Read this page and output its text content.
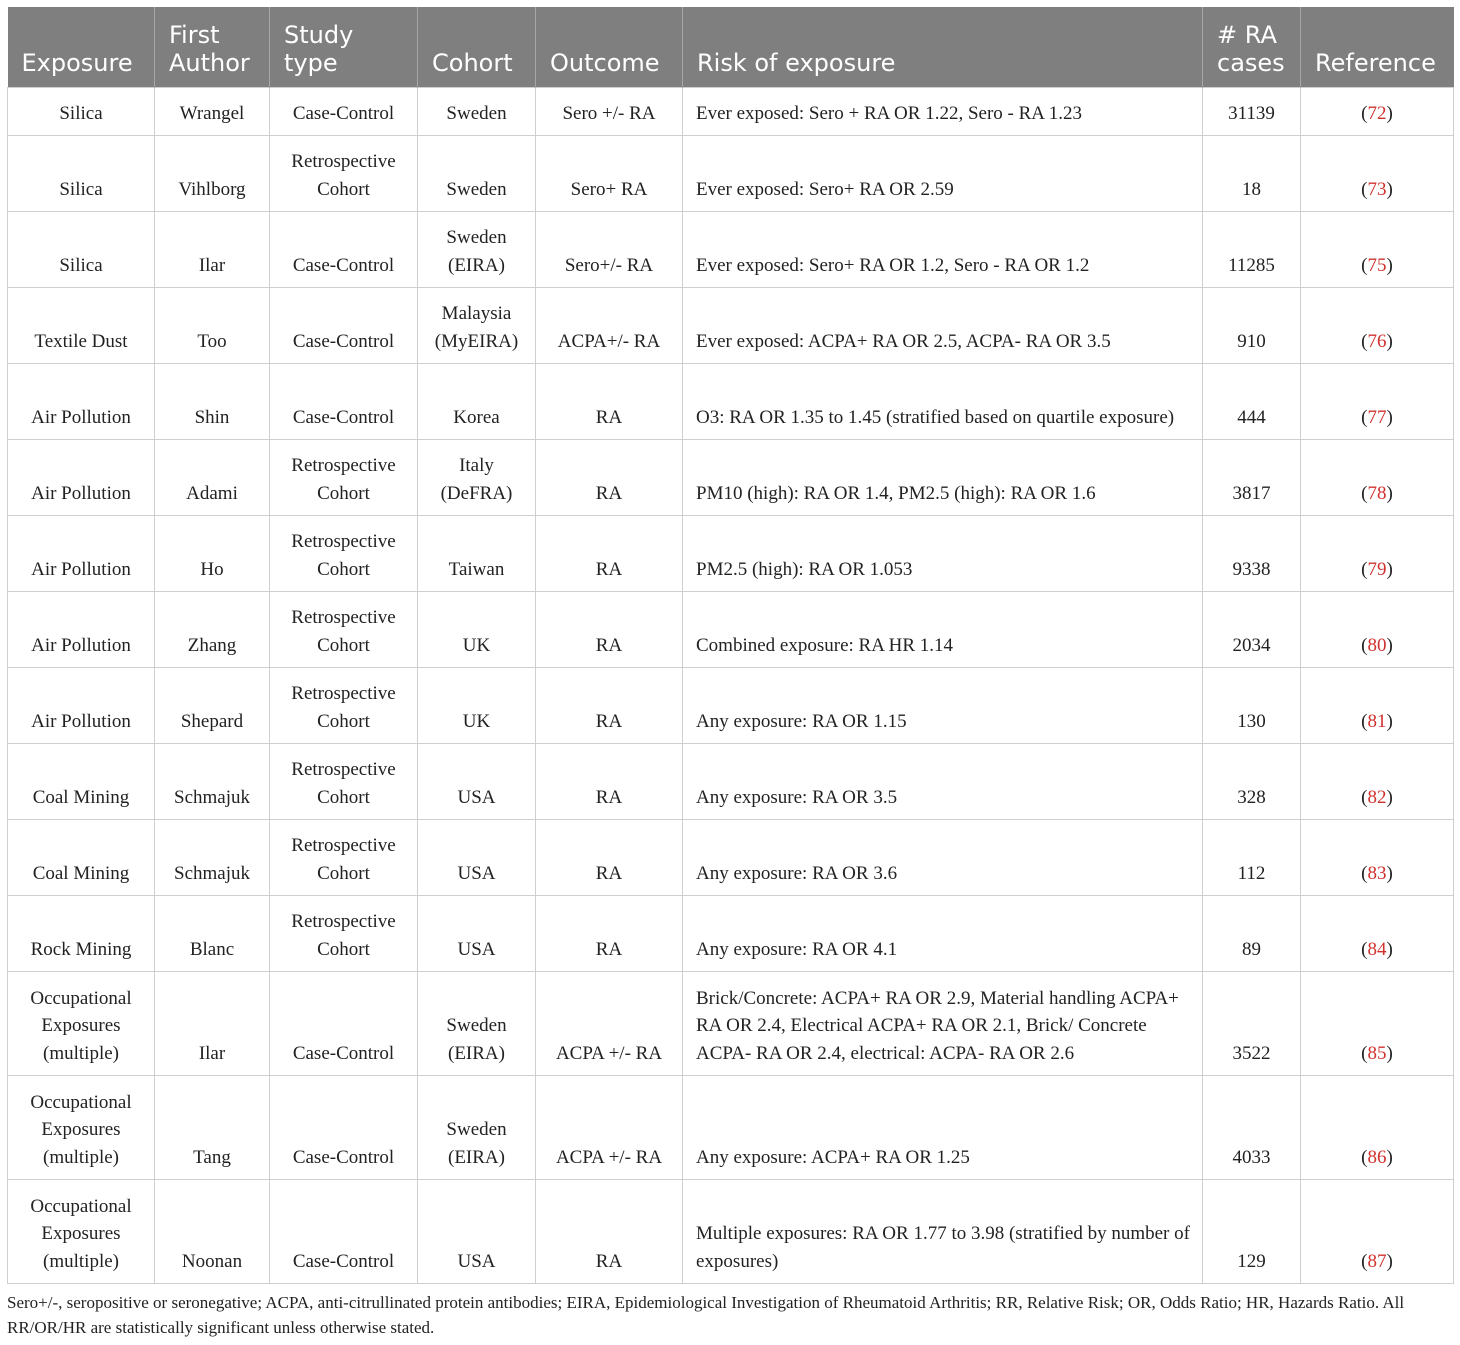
Exposure	First Author	Study type	Cohort	Outcome	Risk of exposure	# RA cases	Reference
Silica	Wrangel	Case-Control	Sweden	Sero +/- RA	Ever exposed: Sero + RA OR 1.22, Sero - RA 1.23	31139	(72)
Silica	Vihlborg	Retrospective Cohort	Sweden	Sero+ RA	Ever exposed: Sero+ RA OR 2.59	18	(73)
Silica	Ilar	Case-Control	Sweden (EIRA)	Sero+/- RA	Ever exposed: Sero+ RA OR 1.2, Sero - RA OR 1.2	11285	(75)
Textile Dust	Too	Case-Control	Malaysia (MyEIRA)	ACPA+/- RA	Ever exposed: ACPA+ RA OR 2.5, ACPA- RA OR 3.5	910	(76)
Air Pollution	Shin	Case-Control	Korea	RA	O3: RA OR 1.35 to 1.45 (stratified based on quartile exposure)	444	(77)
Air Pollution	Adami	Retrospective Cohort	Italy (DeFRA)	RA	PM10 (high): RA OR 1.4, PM2.5 (high): RA OR 1.6	3817	(78)
Air Pollution	Ho	Retrospective Cohort	Taiwan	RA	PM2.5 (high): RA OR 1.053	9338	(79)
Air Pollution	Zhang	Retrospective Cohort	UK	RA	Combined exposure: RA HR 1.14	2034	(80)
Air Pollution	Shepard	Retrospective Cohort	UK	RA	Any exposure: RA OR 1.15	130	(81)
Coal Mining	Schmajuk	Retrospective Cohort	USA	RA	Any exposure: RA OR 3.5	328	(82)
Coal Mining	Schmajuk	Retrospective Cohort	USA	RA	Any exposure: RA OR 3.6	112	(83)
Rock Mining	Blanc	Retrospective Cohort	USA	RA	Any exposure: RA OR 4.1	89	(84)
Occupational Exposures (multiple)	Ilar	Case-Control	Sweden (EIRA)	ACPA +/- RA	Brick/Concrete: ACPA+ RA OR 2.9, Material handling ACPA+ RA OR 2.4, Electrical ACPA+ RA OR 2.1, Brick/ Concrete ACPA- RA OR 2.4, electrical: ACPA- RA OR 2.6	3522	(85)
Occupational Exposures (multiple)	Tang	Case-Control	Sweden (EIRA)	ACPA +/- RA	Any exposure: ACPA+ RA OR 1.25	4033	(86)
Occupational Exposures (multiple)	Noonan	Case-Control	USA	RA	Multiple exposures: RA OR 1.77 to 3.98 (stratified by number of exposures)	129	(87)
Sero+/-, seropositive or seronegative; ACPA, anti-citrullinated protein antibodies; EIRA, Epidemiological Investigation of Rheumatoid Arthritis; RR, Relative Risk; OR, Odds Ratio; HR, Hazards Ratio. All RR/OR/HR are statistically significant unless otherwise stated.
